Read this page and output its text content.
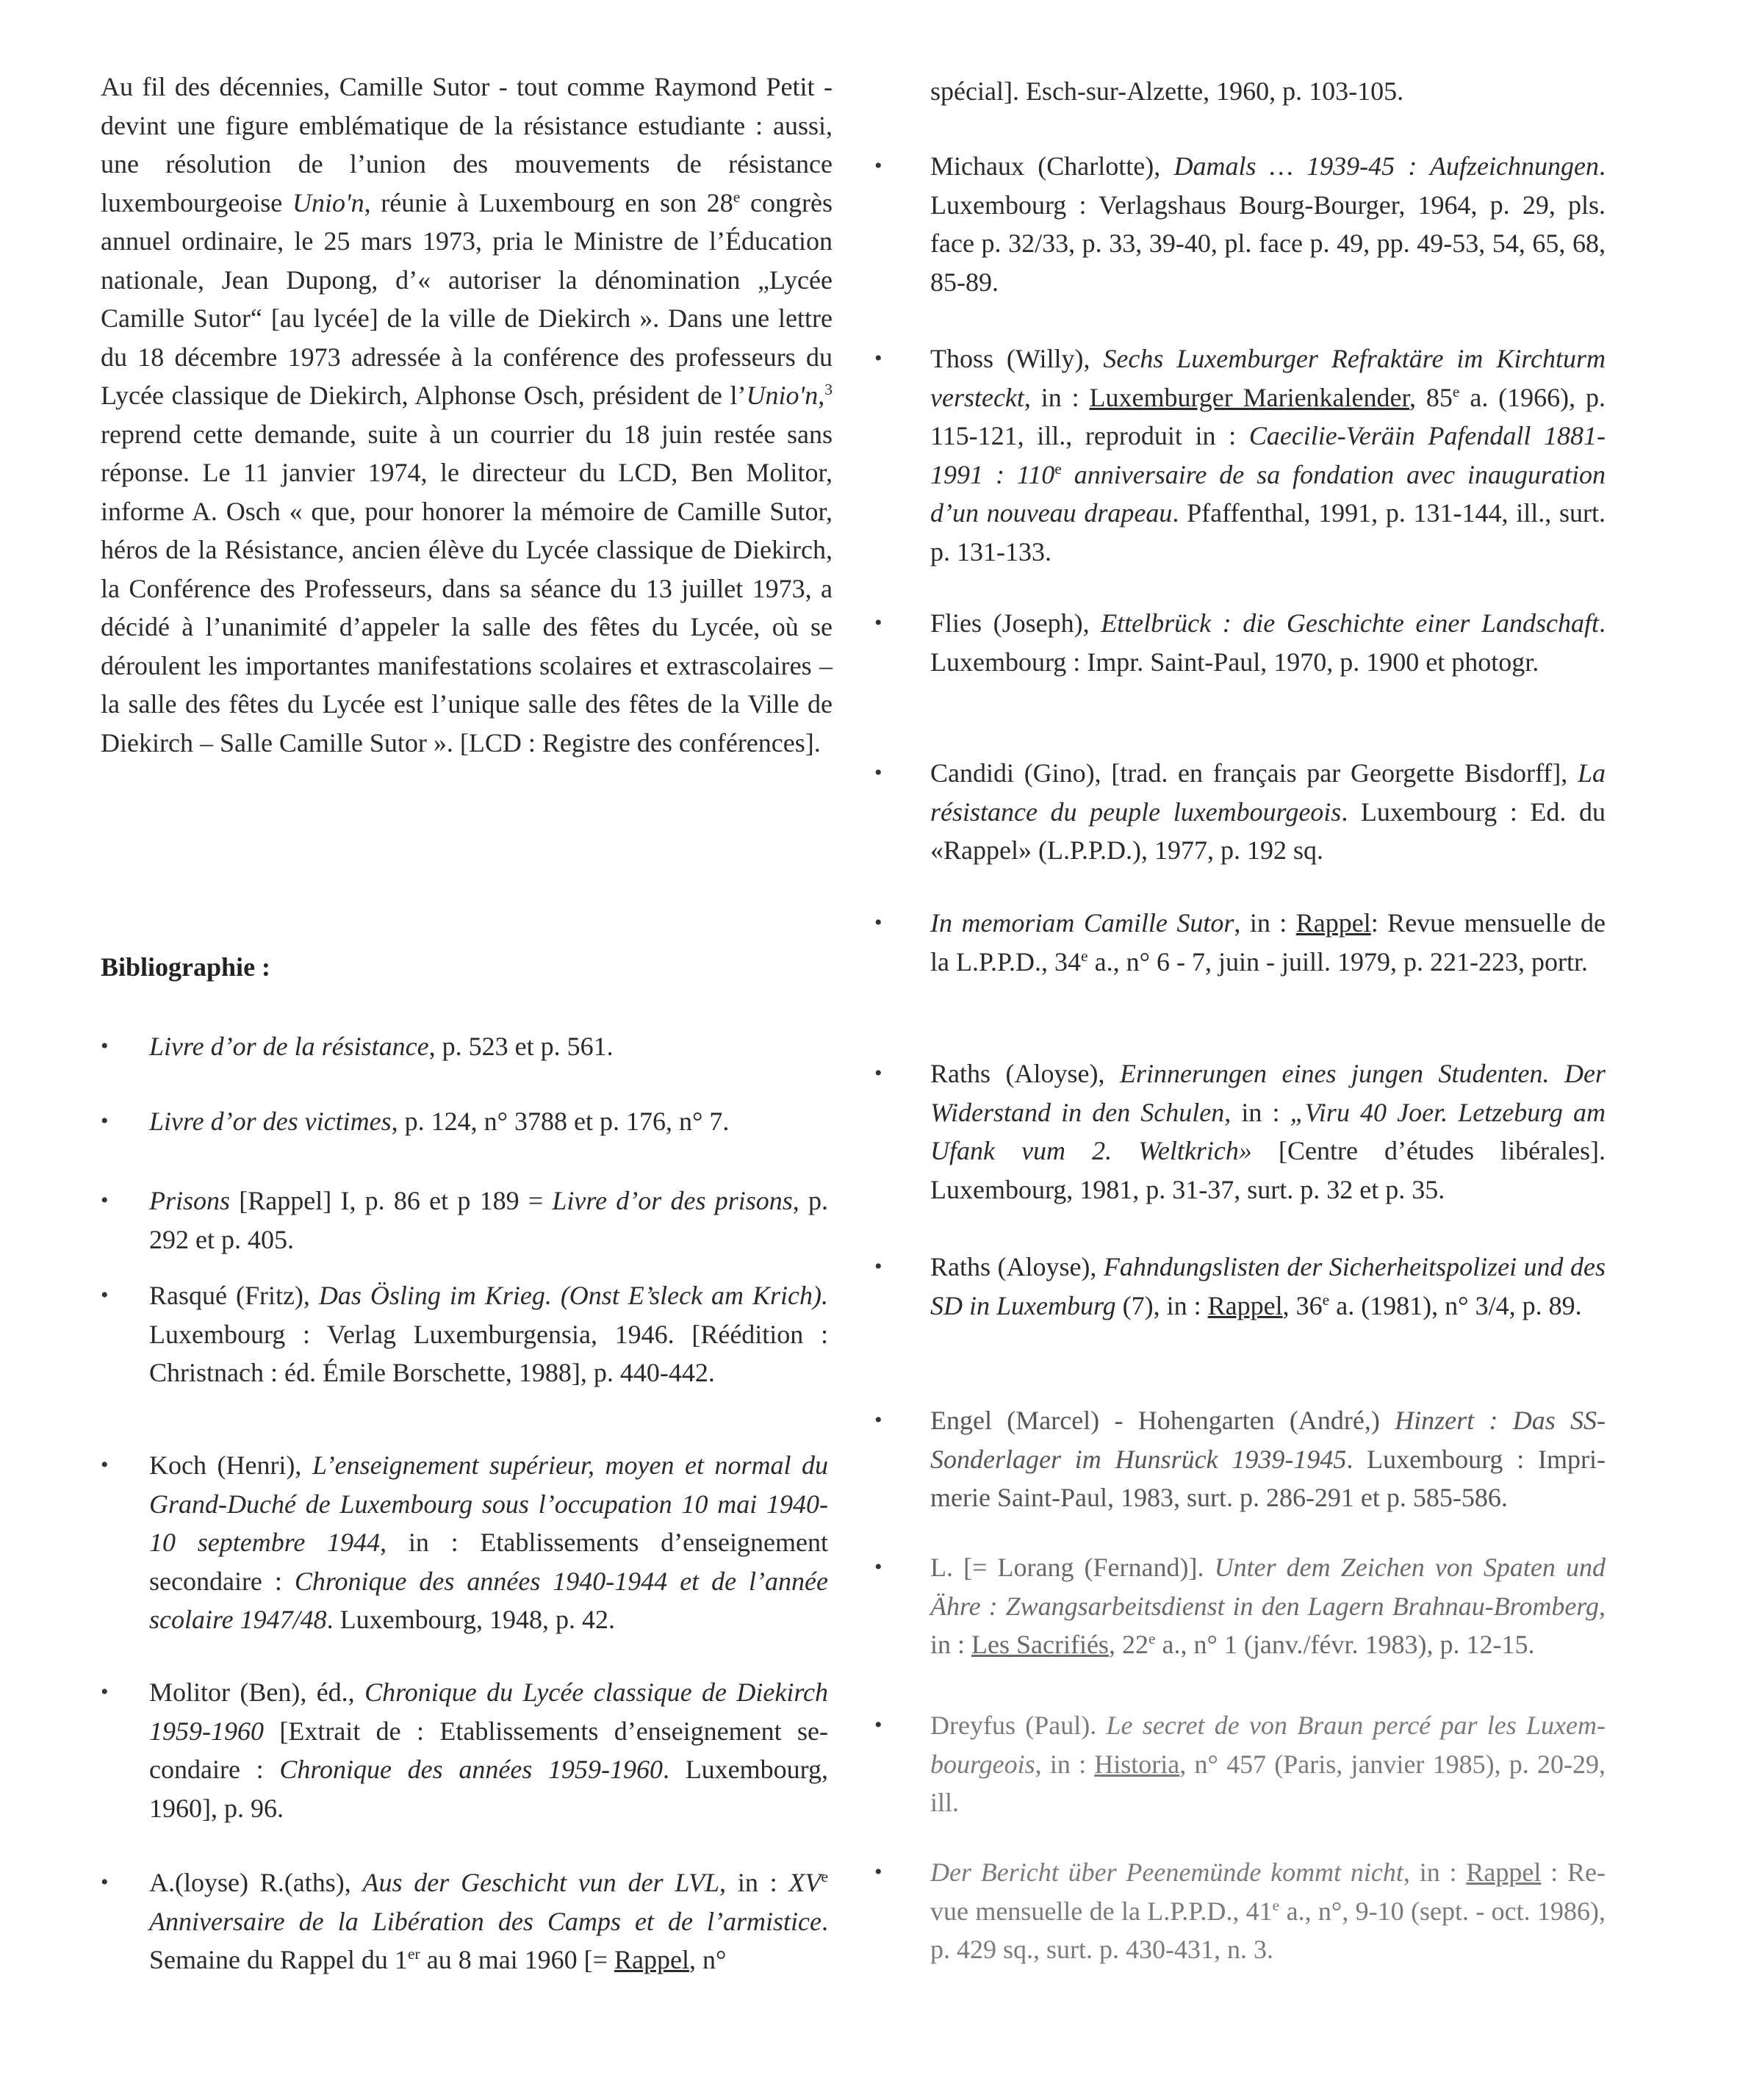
Au fil des décennies, Camille Sutor - tout comme Raymond Petit - devint une figure emblématique de la résistance estudiante : aussi, une résolution de l’union des mouvements de résistance luxembourgeoise Unio'n, réunie à Luxembourg en son 28e congrès annuel ordinaire, le 25 mars 1973, pria le Ministre de l’Éducation nationale, Jean Dupong, d’« autoriser la dénomination „Lycée Camille Sutor“ [au lycée] de la ville de Diekirch ». Dans une lettre du 18 décembre 1973 adressée à la conférence des professeurs du Lycée classique de Diekirch, Alphonse Osch, président de l’Unio'n,$^3$ reprend cette demande, suite à un courrier du 18 juin restée sans réponse. Le 11 janvier 1974, le directeur du LCD, Ben Molitor, informe A. Osch « que, pour honorer la mémoire de Camille Sutor, héros de la Résistance, ancien élève du Lycée classique de Diekirch, la Conférence des Professeurs, dans sa séance du 13 juillet 1973, a décidé à l’unanimité d’appeler la salle des fêtes du Lycée, où se déroulent les importantes manifestations scolaires et extrascolaires – la salle des fêtes du Lycée est l’unique salle des fêtes de la Ville de Diekirch – Salle Camille Sutor ». [LCD : Registre des conférences].
Bibliographie :
• Livre d’or de la résistance, p. 523 et p. 561.
• Livre d’or des victimes, p. 124, n° 3788 et p. 176, n° 7.
• Prisons [Rappel] I, p. 86 et p 189 = Livre d’or des prisons, p. 292 et p. 405.
• Rasqué (Fritz), Das Ösling im Krieg. (Onst E’sleck am Krich). Luxembourg : Verlag Luxemburgensia, 1946. [Réédition : Christnach : éd. Émile Borschette, 1988], p. 440-442.
• Koch (Henri), L’enseignement supérieur, moyen et normal du Grand-Duché de Luxembourg sous l’occupation 10 mai 1940-10 septembre 1944, in : Etablissements d’enseignement secondaire : Chronique des années 1940-1944 et de l’année scolaire 1947/48. Luxembourg, 1948, p. 42.
• Molitor (Ben), éd., Chronique du Lycée classique de Diekirch 1959-1960 [Extrait de : Etablissements d’enseignement secondaire : Chronique des années 1959-1960. Luxembourg, 1960], p. 96.
• A.(loyse) R.(aths), Aus der Geschicht vun der LVL, in : XVe Anniversaire de la Libération des Camps et de l’armistice. Semaine du Rappel du 1er au 8 mai 1960 [= Rappel, n°
spécial]. Esch-sur-Alzette, 1960, p. 103-105.
• Michaux (Charlotte), Damals … 1939-45 : Aufzeichnungen. Luxembourg : Verlagshaus Bourg-Bourger, 1964, p. 29, pls. face p. 32/33, p. 33, 39-40, pl. face p. 49, pp. 49-53, 54, 65, 68, 85-89.
• Thoss (Willy), Sechs Luxemburger Refraktäre im Kirchturm versteckt, in : Luxemburger Marienkalender, 85e a. (1966), p. 115-121, ill., reproduit in : Caecilie-Veräin Pafendall 1881-1991 : 110e anniversaire de sa fondation avec inauguration d’un nouveau drapeau. Pfaffenthal, 1991, p. 131-144, ill., surt. p. 131-133.
• Flies (Joseph), Ettelbrück : die Geschichte einer Landschaft. Luxembourg : Impr. Saint-Paul, 1970, p. 1900 et photogr.
• Candidi (Gino), [trad. en français par Georgette Bisdorff], La résistance du peuple luxembourgeois. Luxembourg : Ed. du «Rappel» (L.P.P.D.), 1977, p. 192 sq.
• In memoriam Camille Sutor, in : Rappel: Revue mensuelle de la L.P.P.D., 34e a., n° 6 - 7, juin - juill. 1979, p. 221-223, portr.
• Raths (Aloyse), Erinnerungen eines jungen Studenten. Der Widerstand in den Schulen, in : „Viru 40 Joer. Letzeburg am Ufank vum 2. Weltkrich» [Centre d’études libérales]. Luxembourg, 1981, p. 31-37, surt. p. 32 et p. 35.
• Raths (Aloyse), Fahndungslisten der Sicherheitspolizei und des SD in Luxemburg (7), in : Rappel, 36e a. (1981), n° 3/4, p. 89.
• Engel (Marcel) - Hohengarten (André,) Hinzert : Das SS-Sonderlager im Hunsrück 1939-1945. Luxembourg : Imprimerie Saint-Paul, 1983, surt. p. 286-291 et p. 585-586.
• L. [= Lorang (Fernand)]. Unter dem Zeichen von Spaten und Ähre : Zwangsarbeitsdienst in den Lagern Brahnau-Bromberg, in : Les Sacrifiés, 22e a., n° 1 (janv./févr. 1983), p. 12-15.
• Dreyfus (Paul). Le secret de von Braun percé par les Luxembourgeois, in : Historia, n° 457 (Paris, janvier 1985), p. 20-29, ill.
• Der Bericht über Peenemünde kommt nicht, in : Rappel : Revue mensuelle de la L.P.P.D., 41e a., n°, 9-10 (sept. - oct. 1986), p. 429 sq., surt. p. 430-431, n. 3.
